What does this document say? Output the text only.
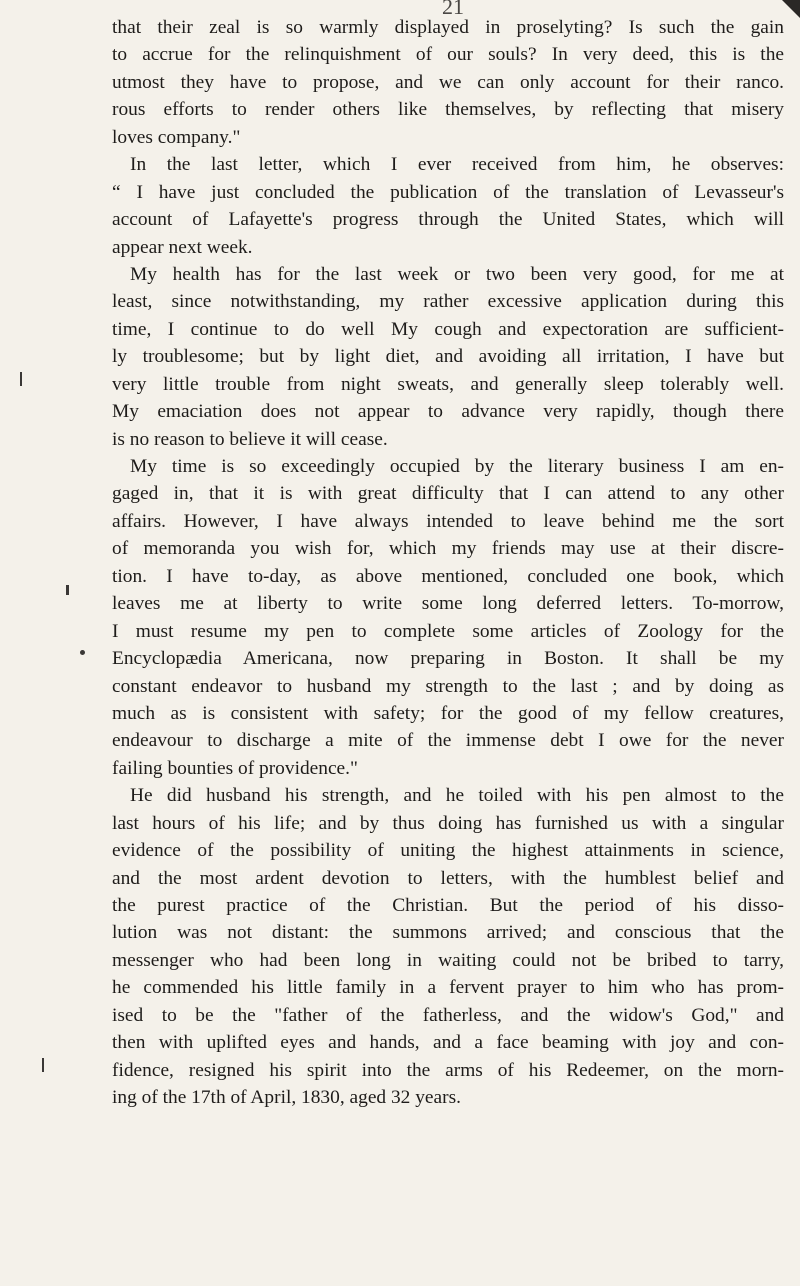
21
that their zeal is so warmly displayed in proselyting? Is such the gain
to accrue for the relinquishment of our souls? In very deed, this is the
utmost they have to propose, and we can only account for their ranco.
rous efforts to render others like themselves, by reflecting that misery
loves company."
In the last letter, which I ever received from him, he observes:
“ I have just concluded the publication of the translation of Levasseur's
account of Lafayette's progress through the United States, which will
appear next week.
My health has for the last week or two been very good, for me at
least, since notwithstanding, my rather excessive application during this
time, I continue to do well My cough and expectoration are sufficient-
ly troublesome; but by light diet, and avoiding all irritation, I have but
very little trouble from night sweats, and generally sleep tolerably well.
My emaciation does not appear to advance very rapidly, though there
is no reason to believe it will cease.
My time is so exceedingly occupied by the literary business I am en-
gaged in, that it is with great difficulty that I can attend to any other
affairs. However, I have always intended to leave behind me the sort
of memoranda you wish for, which my friends may use at their discre-
tion. I have to-day, as above mentioned, concluded one book, which
leaves me at liberty to write some long deferred letters. To-morrow,
I must resume my pen to complete some articles of Zoology for the
Encyclopædia Americana, now preparing in Boston. It shall be my
constant endeavor to husband my strength to the last ; and by doing as
much as is consistent with safety; for the good of my fellow creatures,
endeavour to discharge a mite of the immense debt I owe for the never
failing bounties of providence."
He did husband his strength, and he toiled with his pen almost to the
last hours of his life; and by thus doing has furnished us with a singular
evidence of the possibility of uniting the highest attainments in science,
and the most ardent devotion to letters, with the humblest belief and
the purest practice of the Christian. But the period of his disso-
lution was not distant: the summons arrived; and conscious that the
messenger who had been long in waiting could not be bribed to tarry,
he commended his little family in a fervent prayer to him who has prom-
ised to be the "father of the fatherless, and the widow's God," and
then with uplifted eyes and hands, and a face beaming with joy and con-
fidence, resigned his spirit into the arms of his Redeemer, on the morn-
ing of the 17th of April, 1830, aged 32 years.
